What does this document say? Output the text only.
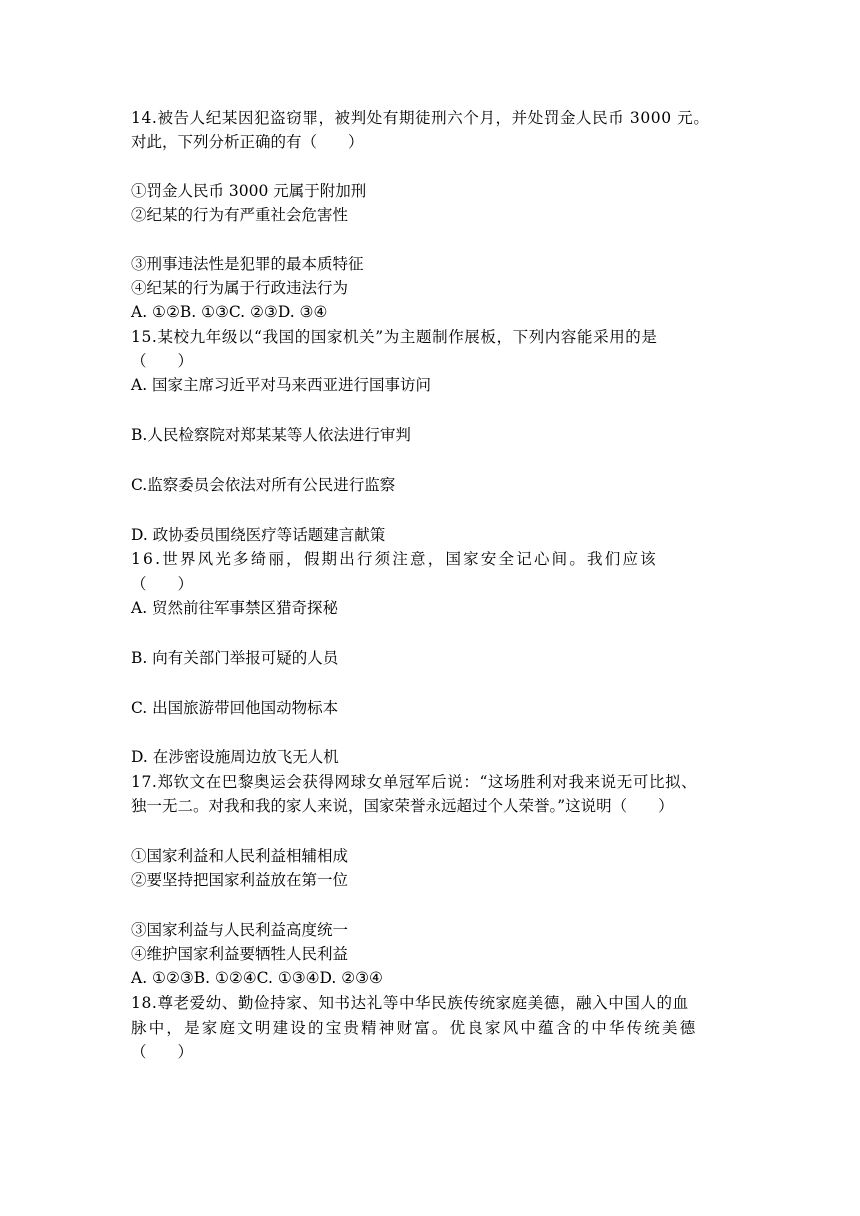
14.被告人纪某因犯盗窃罪，被判处有期徒刑六个月，并处罚金人民币 3000 元。
对此，下列分析正确的有（　　）
①罚金人民币 3000 元属于附加刑
②纪某的行为有严重社会危害性
③刑事违法性是犯罪的最本质特征
④纪某的行为属于行政违法行为
A. ①②B. ①③C. ②③D. ③④
15.某校九年级以“我国的国家机关”为主题制作展板，下列内容能采用的是
（　　）
A. 国家主席习近平对马来西亚进行国事访问
B.人民检察院对郑某某等人依法进行审判
C.监察委员会依法对所有公民进行监察
D. 政协委员围绕医疗等话题建言献策
16.世界风光多绮丽，假期出行须注意，国家安全记心间。我们应该
（　　）
A. 贸然前往军事禁区猎奇探秘
B. 向有关部门举报可疑的人员
C. 出国旅游带回他国动物标本
D. 在涉密设施周边放飞无人机
17.郑钦文在巴黎奥运会获得网球女单冠军后说：“这场胜利对我来说无可比拟、
独一无二。对我和我的家人来说，国家荣誉永远超过个人荣誉。”这说明（　　）
①国家利益和人民利益相辅相成
②要坚持把国家利益放在第一位
③国家利益与人民利益高度统一
④维护国家利益要牺牲人民利益
A. ①②③B. ①②④C. ①③④D. ②③④
18.尊老爱幼、勤俭持家、知书达礼等中华民族传统家庭美德，融入中国人的血
脉中，是家庭文明建设的宝贵精神财富。优良家风中蕴含的中华传统美德
（　　）
